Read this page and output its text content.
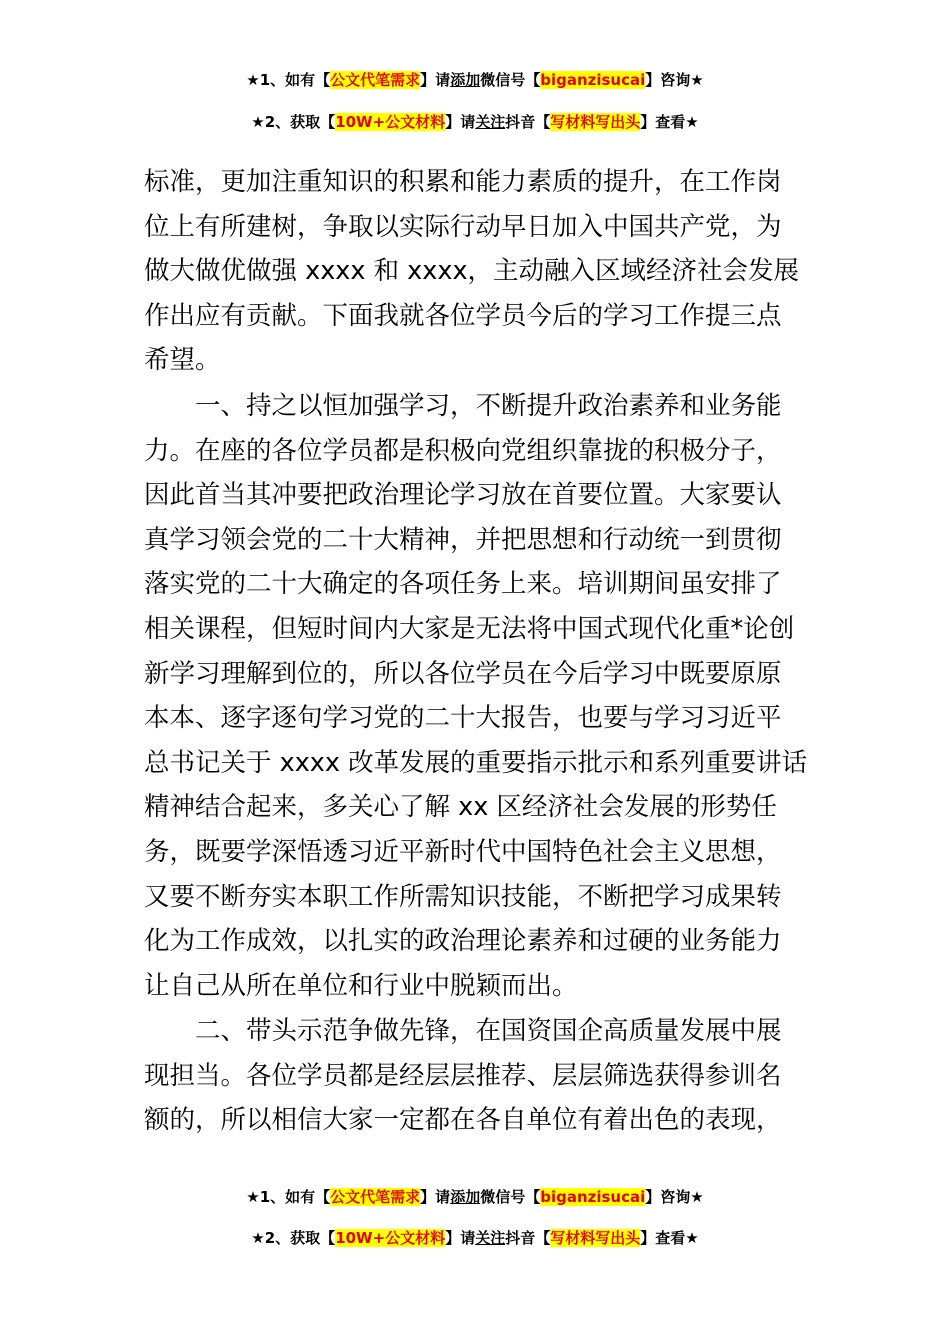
★1、如有【公文代笔需求】请添加微信号【biganzisucai】咨询★
★2、获取【10W+公文材料】请关注抖音【写材料写出头】查看★

标准，更加注重知识的积累和能力素质的提升，在工作岗
位上有所建树，争取以实际行动早日加入中国共产党，为
做大做优做强 xxxx 和 xxxx，主动融入区域经济社会发展
作出应有贡献。下面我就各位学员今后的学习工作提三点
希望。

一、持之以恒加强学习，不断提升政治素养和业务能
力。在座的各位学员都是积极向党组织靠拢的积极分子，
因此首当其冲要把政治理论学习放在首要位置。大家要认
真学习领会党的二十大精神，并把思想和行动统一到贯彻
落实党的二十大确定的各项任务上来。培训期间虽安排了
相关课程，但短时间内大家是无法将中国式现代化重*论创
新学习理解到位的，所以各位学员在今后学习中既要原原
本本、逐字逐句学习党的二十大报告，也要与学习习近平
总书记关于 xxxx 改革发展的重要指示批示和系列重要讲话
精神结合起来，多关心了解 xx 区经济社会发展的形势任
务，既要学深悟透习近平新时代中国特色社会主义思想，
又要不断夯实本职工作所需知识技能，不断把学习成果转
化为工作成效，以扎实的政治理论素养和过硬的业务能力
让自己从所在单位和行业中脱颖而出。

二、带头示范争做先锋，在国资国企高质量发展中展
现担当。各位学员都是经层层推荐、层层筛选获得参训名
额的，所以相信大家一定都在各自单位有着出色的表现，

★1、如有【公文代笔需求】请添加微信号【biganzisucai】咨询★
★2、获取【10W+公文材料】请关注抖音【写材料写出头】查看★
